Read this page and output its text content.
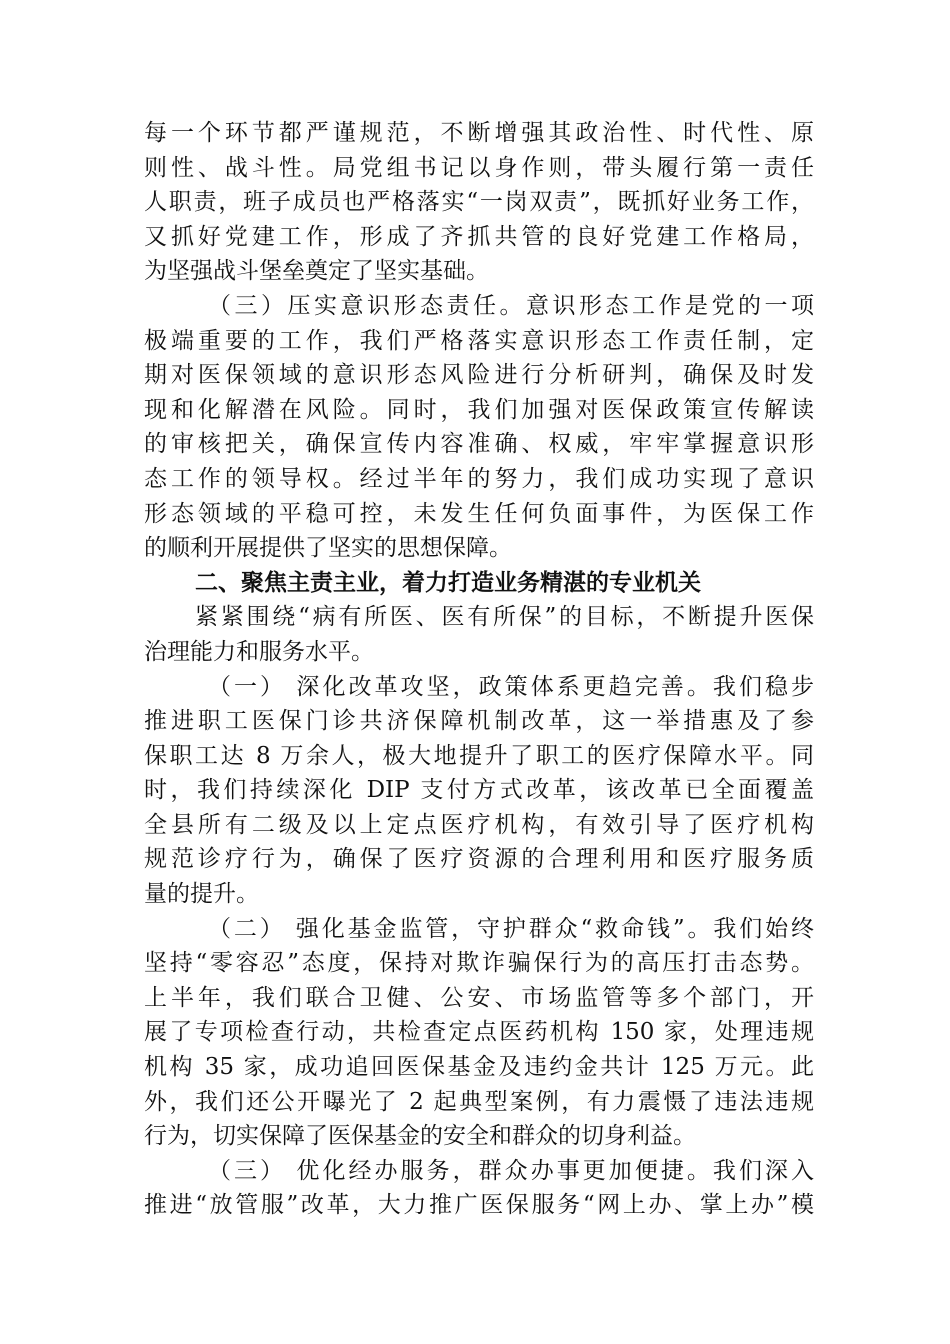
每一个环节都严谨规范，不断增强其政治性、时代性、原
则性、战斗性。局党组书记以身作则，带头履行第一责任
人职责，班子成员也严格落实“一岗双责”，既抓好业务工作，
又抓好党建工作，形成了齐抓共管的良好党建工作格局，
为坚强战斗堡垒奠定了坚实基础。
（三）压实意识形态责任。意识形态工作是党的一项
极端重要的工作，我们严格落实意识形态工作责任制，定
期对医保领域的意识形态风险进行分析研判，确保及时发
现和化解潜在风险。同时，我们加强对医保政策宣传解读
的审核把关，确保宣传内容准确、权威，牢牢掌握意识形
态工作的领导权。经过半年的努力，我们成功实现了意识
形态领域的平稳可控，未发生任何负面事件，为医保工作
的顺利开展提供了坚实的思想保障。
二、聚焦主责主业，着力打造业务精湛的专业机关
紧紧围绕“病有所医、医有所保”的目标，不断提升医保
治理能力和服务水平。
（一） 深化改革攻坚，政策体系更趋完善。我们稳步
推进职工医保门诊共济保障机制改革，这一举措惠及了参
保职工达 8 万余人，极大地提升了职工的医疗保障水平。同
时，我们持续深化 DIP 支付方式改革，该改革已全面覆盖
全县所有二级及以上定点医疗机构，有效引导了医疗机构
规范诊疗行为，确保了医疗资源的合理利用和医疗服务质
量的提升。
（二） 强化基金监管，守护群众“救命钱”。我们始终
坚持“零容忍”态度，保持对欺诈骗保行为的高压打击态势。
上半年，我们联合卫健、公安、市场监管等多个部门，开
展了专项检查行动，共检查定点医药机构 150 家，处理违规
机构 35 家，成功追回医保基金及违约金共计 125 万元。此
外，我们还公开曝光了 2 起典型案例，有力震慑了违法违规
行为，切实保障了医保基金的安全和群众的切身利益。
（三） 优化经办服务，群众办事更加便捷。我们深入
推进“放管服”改革，大力推广医保服务“网上办、掌上办”模
